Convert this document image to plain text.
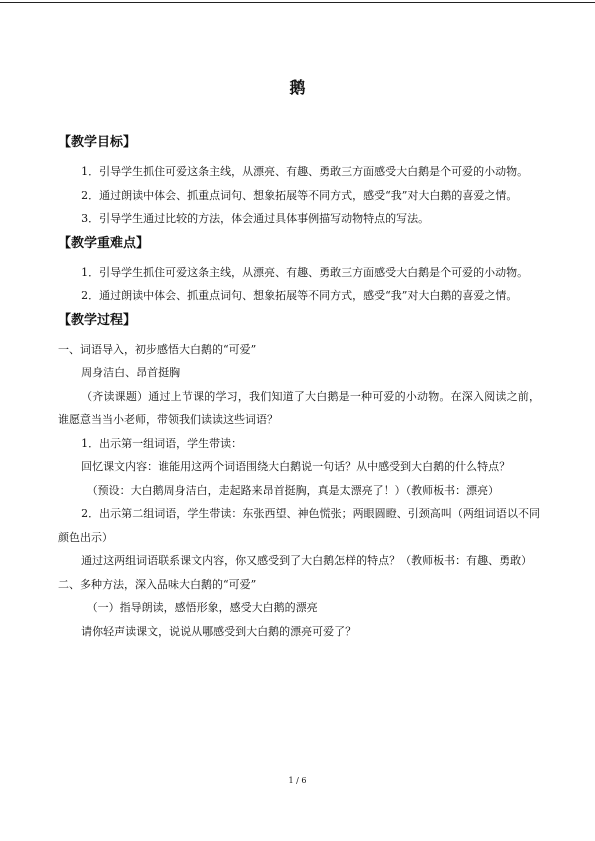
鹅
【教学目标】

1．引导学生抓住可爱这条主线，从漂亮、有趣、勇敢三方面感受大白鹅是个可爱的小动物。

2．通过朗读中体会、抓重点词句、想象拓展等不同方式，感受“我”对大白鹅的喜爱之情。

3．引导学生通过比较的方法，体会通过具体事例描写动物特点的写法。

【教学重难点】

1．引导学生抓住可爱这条主线，从漂亮、有趣、勇敢三方面感受大白鹅是个可爱的小动物。

2．通过朗读中体会、抓重点词句、想象拓展等不同方式，感受“我”对大白鹅的喜爱之情。

【教学过程】

一、词语导入，初步感悟大白鹅的“可爱”

周身洁白、昂首挺胸

（齐读课题）通过上节课的学习，我们知道了大白鹅是一种可爱的小动物。在深入阅读之前，谁愿意当当小老师，带领我们读读这些词语？

1．出示第一组词语，学生带读：

回忆课文内容：谁能用这两个词语围绕大白鹅说一句话？从中感受到大白鹅的什么特点？

（预设：大白鹅周身洁白，走起路来昂首挺胸，真是太漂亮了！）（教师板书：漂亮）

2．出示第二组词语，学生带读：东张西望、神色慌张；两眼圆瞪、引颈高叫（两组词语以不同颜色出示）

通过这两组词语联系课文内容，你又感受到了大白鹅怎样的特点？（教师板书：有趣、勇敢）

二、多种方法，深入品味大白鹅的“可爱”

（一）指导朗读，感悟形象，感受大白鹅的漂亮

请你轻声读课文，说说从哪感受到大白鹅的漂亮可爱了？

1 / 6
